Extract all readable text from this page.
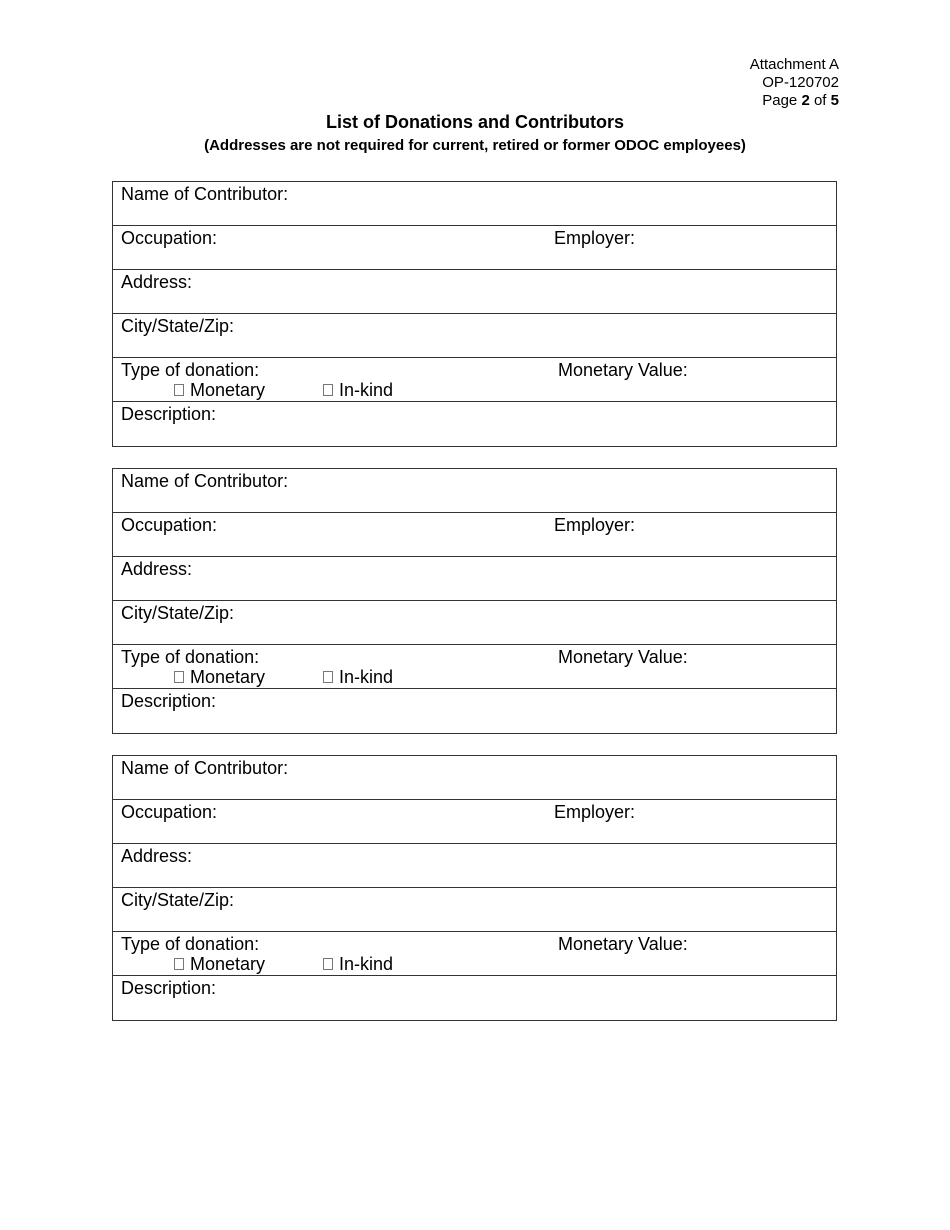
Attachment A
OP-120702
Page 2 of 5
List of Donations and Contributors
(Addresses are not required for current, retired or former ODOC employees)
Name of Contributor:
Occupation:	Employer:
Address:
City/State/Zip:
Type of donation:	Monetary Value:
Monetary	In-kind
Description:
Name of Contributor:
Occupation:	Employer:
Address:
City/State/Zip:
Type of donation:	Monetary Value:
Monetary	In-kind
Description:
Name of Contributor:
Occupation:	Employer:
Address:
City/State/Zip:
Type of donation:	Monetary Value:
Monetary	In-kind
Description:
